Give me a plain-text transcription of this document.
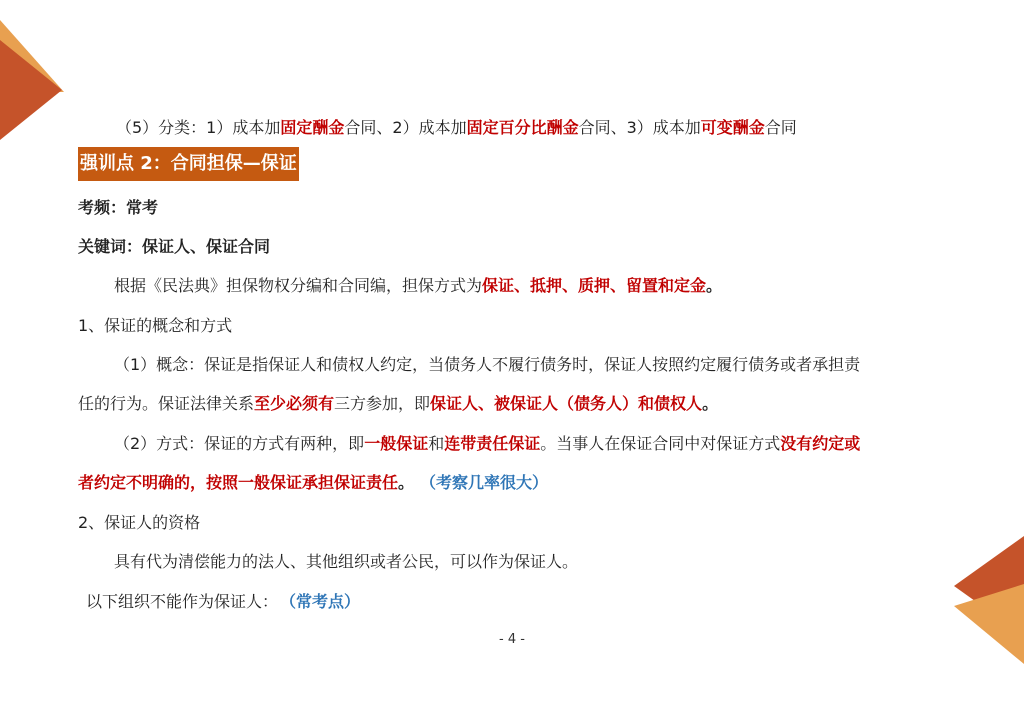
（5）分类：1）成本加固定酬金合同、2）成本加固定百分比酬金合同、3）成本加可变酬金合同
强训点 2：合同担保—保证
考频：常考
关键词：保证人、保证合同
根据《民法典》担保物权分编和合同编，担保方式为保证、抵押、质押、留置和定金。
1、保证的概念和方式
（1）概念：保证是指保证人和债权人约定，当债务人不履行债务时，保证人按照约定履行债务或者承担责
任的行为。保证法律关系至少必须有三方参加，即保证人、被保证人（债务人）和债权人。
（2）方式：保证的方式有两种，即一般保证和连带责任保证。当事人在保证合同中对保证方式没有约定或
者约定不明确的，按照一般保证承担保证责任。 （考察几率很大）
2、保证人的资格
具有代为清偿能力的法人、其他组织或者公民，可以作为保证人。
以下组织不能作为保证人： （常考点）
- 4 -
